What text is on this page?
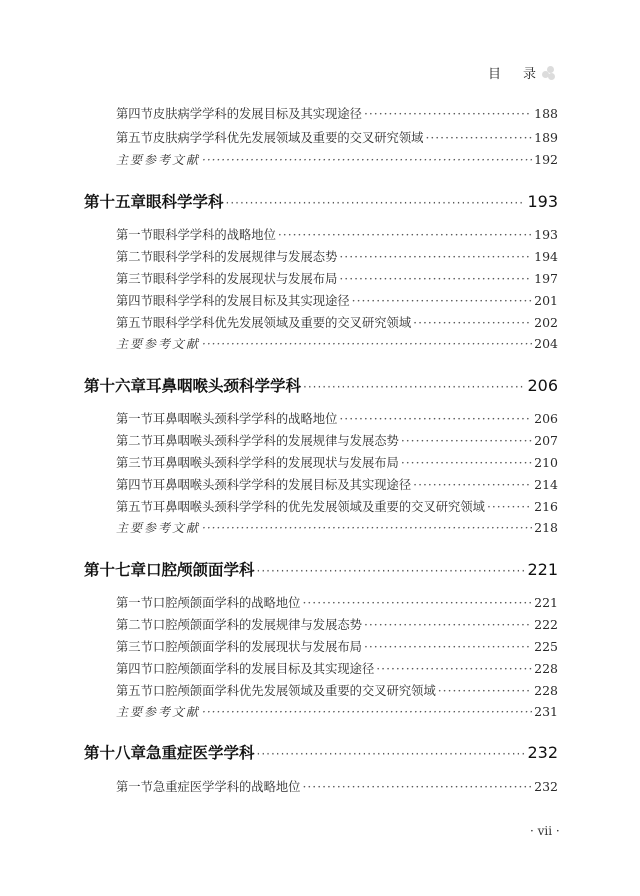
目 录
第四节 皮肤病学学科的发展目标及其实现途径 ·····	188
第五节 皮肤病学学科优先发展领域及重要的交叉研究领域 ·····	189
主要参考文献 ·····	192
第十五章 眼科学学科 ·····	193
第一节 眼科学学科的战略地位 ·····	193
第二节 眼科学学科的发展规律与发展态势 ·····	194
第三节 眼科学学科的发展现状与发展布局 ·····	197
第四节 眼科学学科的发展目标及其实现途径 ·····	201
第五节 眼科学学科优先发展领域及重要的交叉研究领域 ·····	202
主要参考文献 ·····	204
第十六章 耳鼻咽喉头颈科学学科 ·····	206
第一节 耳鼻咽喉头颈科学学科的战略地位 ·····	206
第二节 耳鼻咽喉头颈科学学科的发展规律与发展态势 ·····	207
第三节 耳鼻咽喉头颈科学学科的发展现状与发展布局 ·····	210
第四节 耳鼻咽喉头颈科学学科的发展目标及其实现途径 ·····	214
第五节 耳鼻咽喉头颈科学学科的优先发展领域及重要的交叉研究领域 ·····	216
主要参考文献 ·····	218
第十七章 口腔颅颌面学科 ·····	221
第一节 口腔颅颌面学科的战略地位 ·····	221
第二节 口腔颅颌面学科的发展规律与发展态势 ·····	222
第三节 口腔颅颌面学科的发展现状与发展布局 ·····	225
第四节 口腔颅颌面学科的发展目标及其实现途径 ·····	228
第五节 口腔颅颌面学科优先发展领域及重要的交叉研究领域 ·····	228
主要参考文献 ·····	231
第十八章 急重症医学学科 ·····	232
第一节 急重症医学学科的战略地位 ·····	232
· vii ·
